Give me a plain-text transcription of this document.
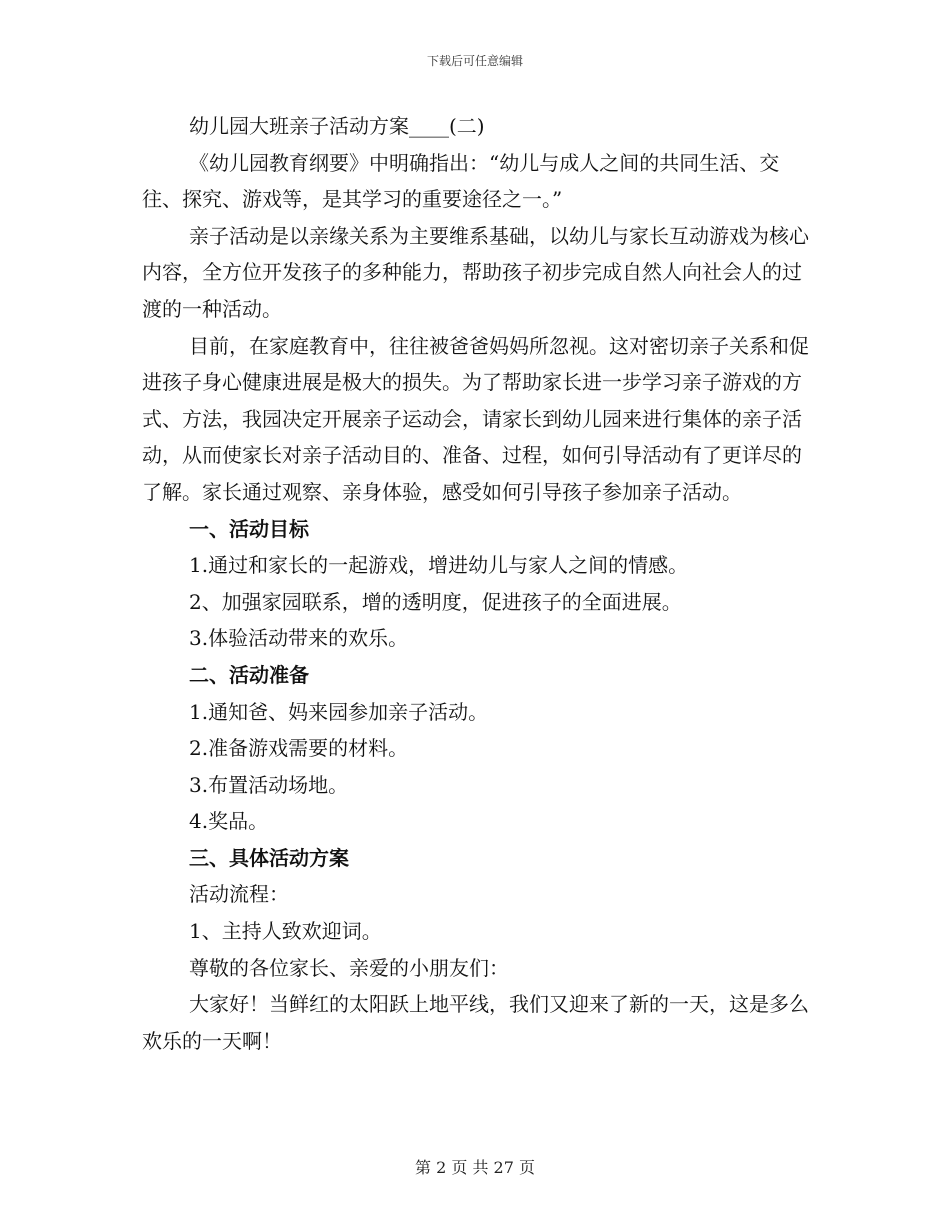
下载后可任意编辑

幼儿园大班亲子活动方案____(二)

《幼儿园教育纲要》中明确指出：“幼儿与成人之间的共同生活、交往、探究、游戏等，是其学习的重要途径之一。”

亲子活动是以亲缘关系为主要维系基础，以幼儿与家长互动游戏为核心内容，全方位开发孩子的多种能力，帮助孩子初步完成自然人向社会人的过渡的一种活动。

目前，在家庭教育中，往往被爸爸妈妈所忽视。这对密切亲子关系和促进孩子身心健康进展是极大的损失。为了帮助家长进一步学习亲子游戏的方式、方法，我园决定开展亲子运动会，请家长到幼儿园来进行集体的亲子活动，从而使家长对亲子活动目的、准备、过程，如何引导活动有了更详尽的了解。家长通过观察、亲身体验，感受如何引导孩子参加亲子活动。

一、活动目标

1.通过和家长的一起游戏，增进幼儿与家人之间的情感。

2、加强家园联系，增的透明度，促进孩子的全面进展。

3.体验活动带来的欢乐。

二、活动准备

1.通知爸、妈来园参加亲子活动。

2.准备游戏需要的材料。

3.布置活动场地。

4.奖品。

三、具体活动方案

活动流程：

1、主持人致欢迎词。

尊敬的各位家长、亲爱的小朋友们：

大家好！当鲜红的太阳跃上地平线，我们又迎来了新的一天，这是多么欢乐的一天啊！

第 2 页 共 27 页
